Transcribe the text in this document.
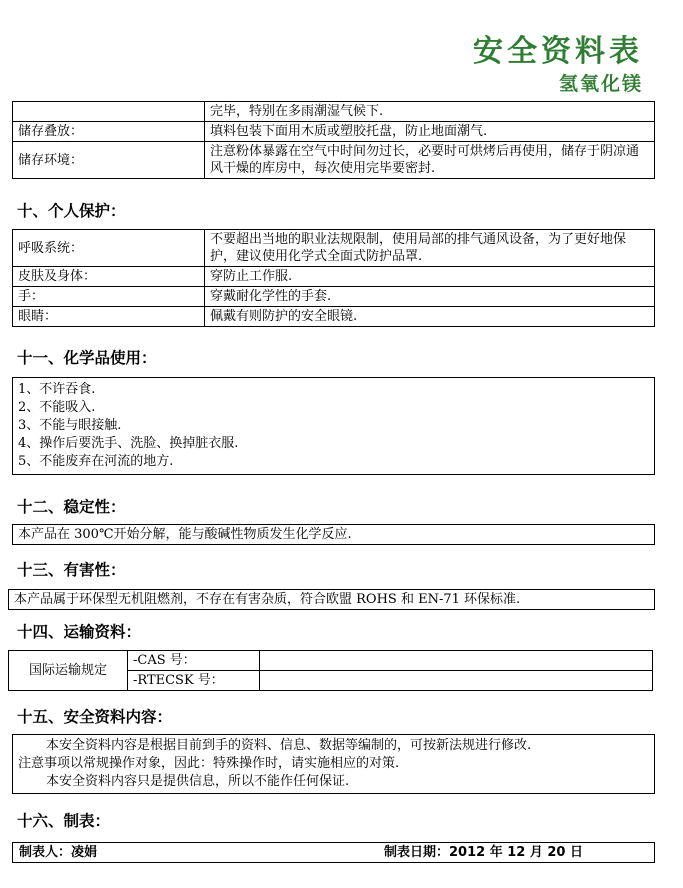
安全资料表
氢氧化镁
	完毕，特别在多雨潮湿气候下.
储存叠放：	填料包装下面用木质或塑胶托盘，防止地面潮气.
储存环境：	注意粉体暴露在空气中时间勿过长，必要时可烘烤后再使用，储存于阴凉通风干燥的库房中，每次使用完毕要密封.
十、个人保护：
呼吸系统：	不要超出当地的职业法规限制，使用局部的排气通风设备，为了更好地保护，建议使用化学式全面式防护品罩.
皮肤及身体：	穿防止工作服.
手：	穿戴耐化学性的手套.
眼睛：	佩戴有则防护的安全眼镜.
十一、化学品使用：
1、不许吞食.
2、不能吸入.
3、不能与眼接触.
4、操作后要洗手、洗脸、换掉脏衣服.
5、不能废弃在河流的地方.
十二、稳定性：
本产品在 300℃开始分解，能与酸碱性物质发生化学反应.
十三、有害性：
本产品属于环保型无机阻燃剂，不存在有害杂质，符合欧盟 ROHS 和 EN-71 环保标准.
十四、运输资料：
国际运输规定	-CAS 号：	
	-RTECSK 号：	
十五、安全资料内容：
本安全资料内容是根据目前到手的资料、信息、数据等编制的，可按新法规进行修改.
注意事项以常规操作对象，因此：特殊操作时，请实施相应的对策.
本安全资料内容只是提供信息，所以不能作任何保证.
十六、制表：
制表人：凌娟	制表日期：2012 年 12 月 20 日
